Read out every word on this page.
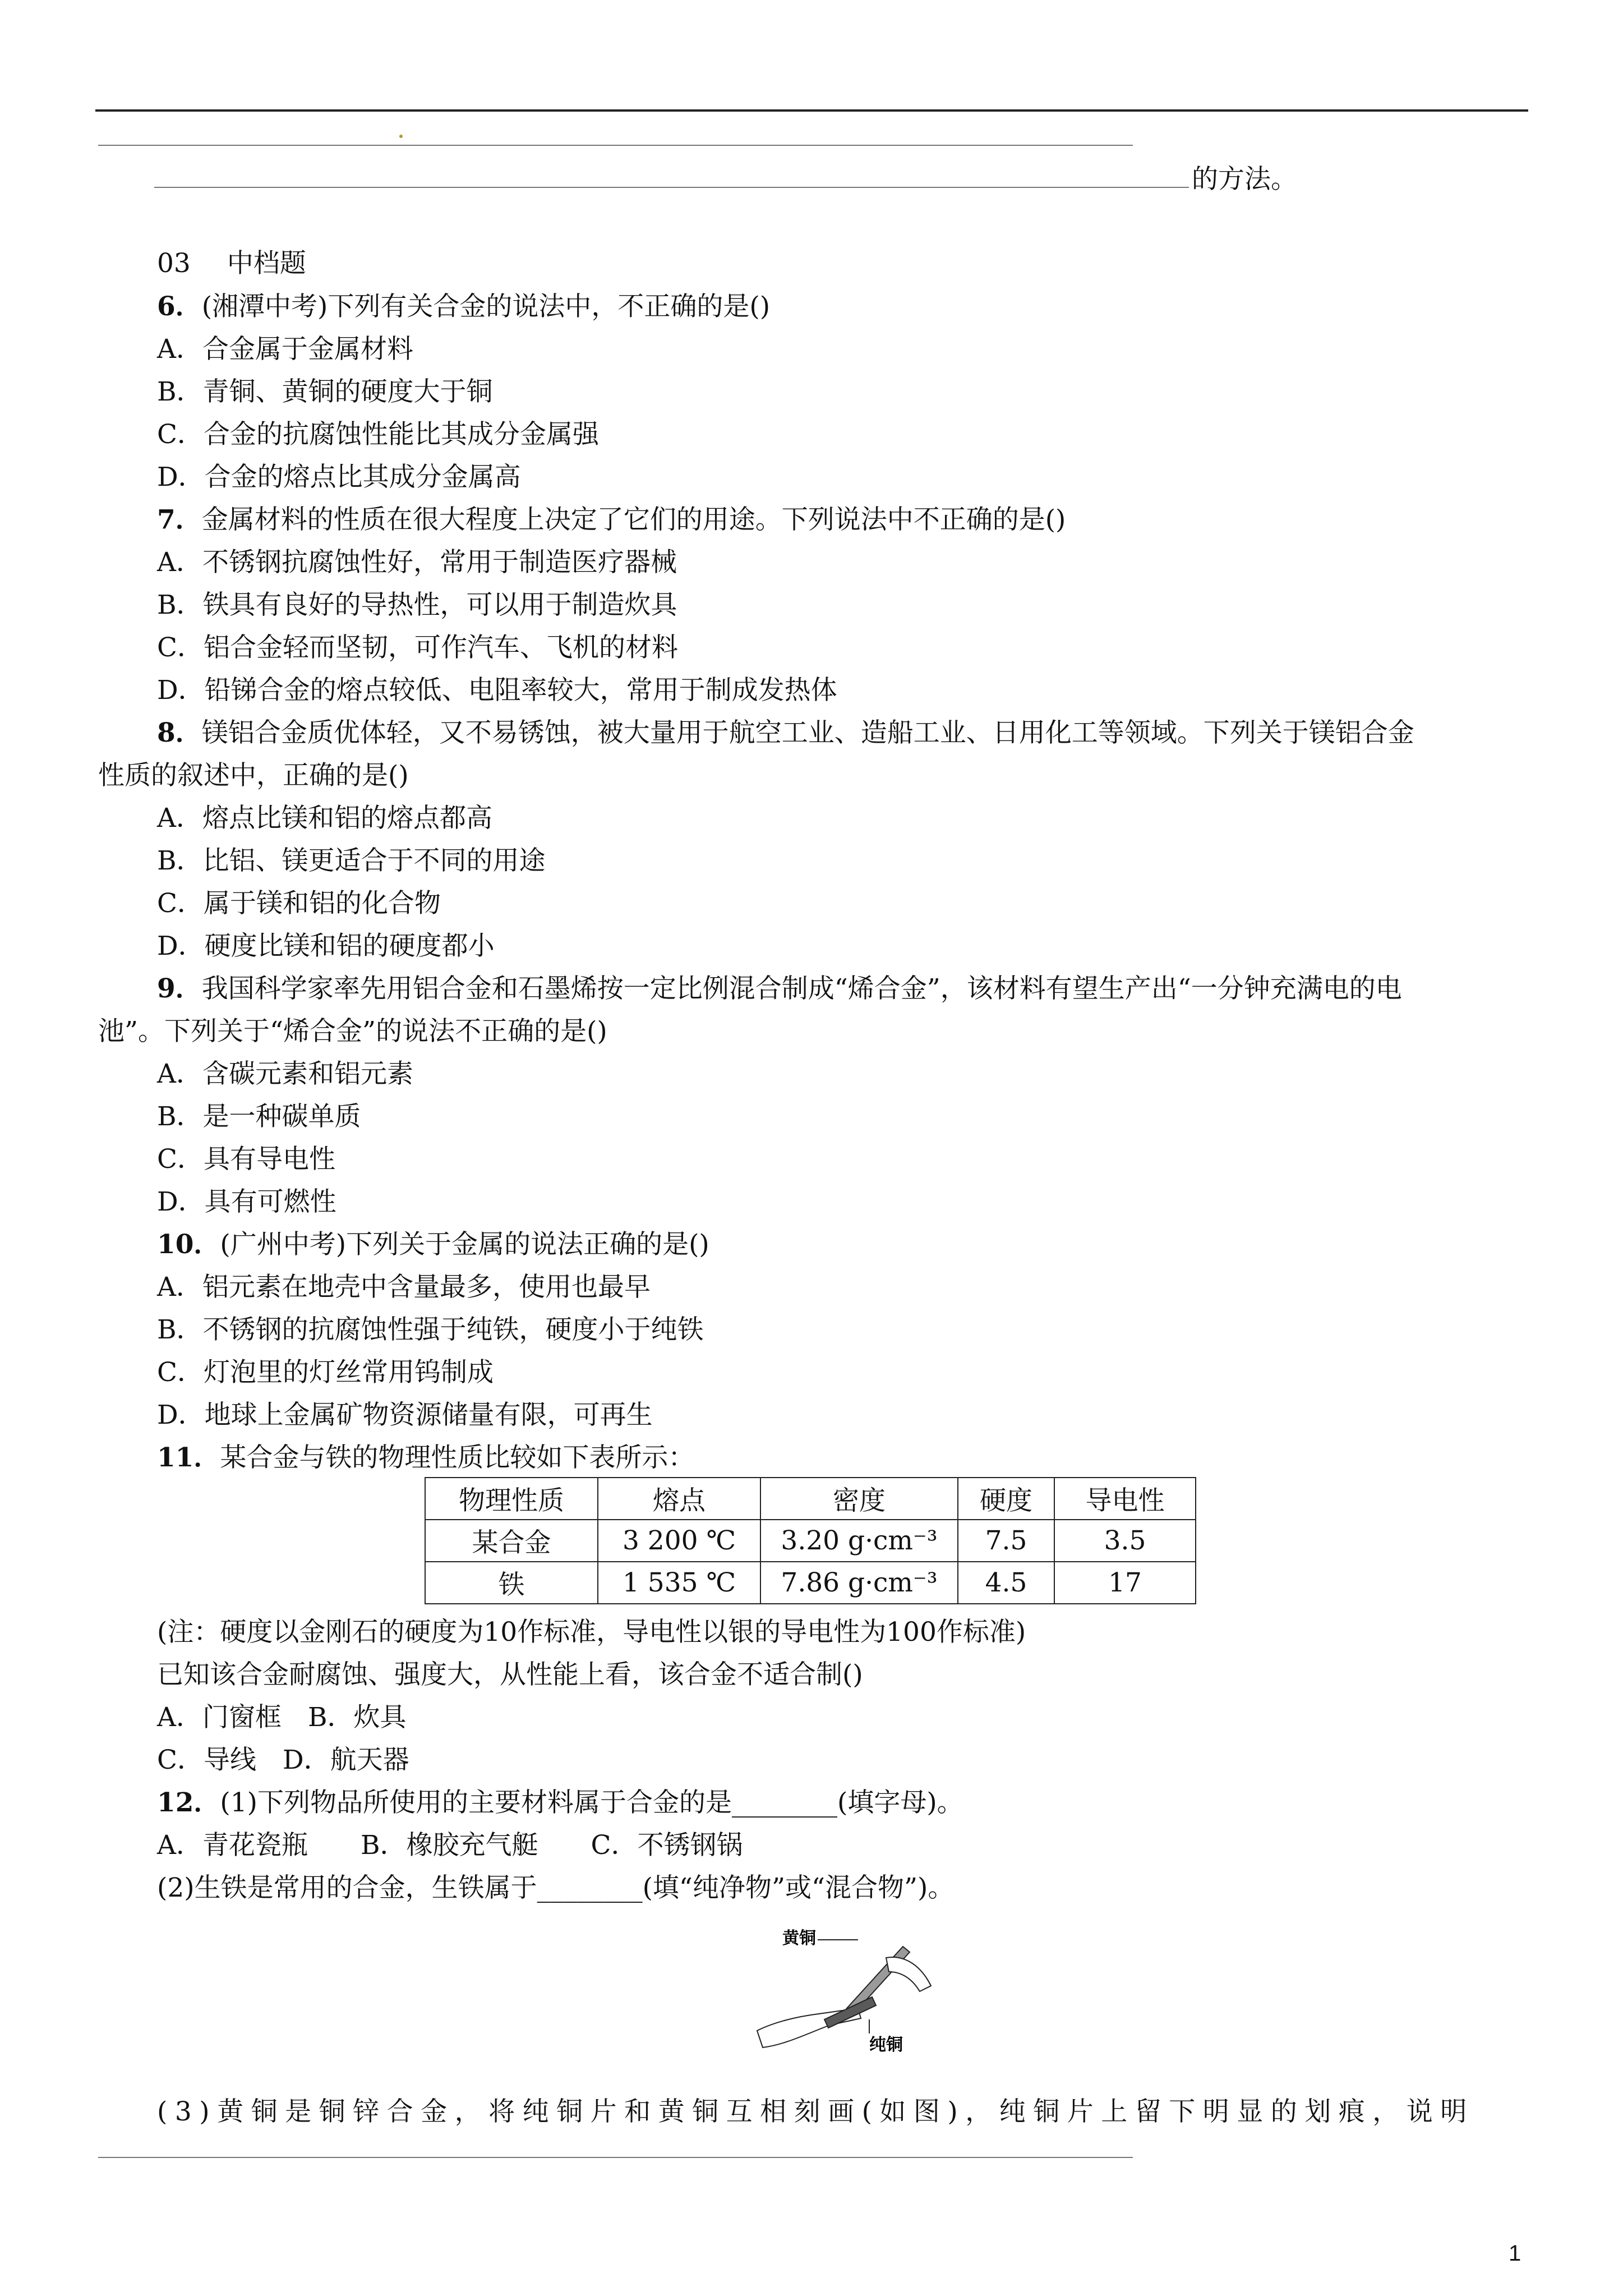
的方法。
03 中档题
6．(湘潭中考)下列有关合金的说法中，不正确的是()
A．合金属于金属材料
B．青铜、黄铜的硬度大于铜
C．合金的抗腐蚀性能比其成分金属强
D．合金的熔点比其成分金属高
7．金属材料的性质在很大程度上决定了它们的用途。下列说法中不正确的是()
A．不锈钢抗腐蚀性好，常用于制造医疗器械
B．铁具有良好的导热性，可以用于制造炊具
C．铝合金轻而坚韧，可作汽车、飞机的材料
D．铅锑合金的熔点较低、电阻率较大，常用于制成发热体
8．镁铝合金质优体轻，又不易锈蚀，被大量用于航空工业、造船工业、日用化工等领域。下列关于镁铝合金
性质的叙述中，正确的是()
A．熔点比镁和铝的熔点都高
B．比铝、镁更适合于不同的用途
C．属于镁和铝的化合物
D．硬度比镁和铝的硬度都小
9．我国科学家率先用铝合金和石墨烯按一定比例混合制成“烯合金”，该材料有望生产出“一分钟充满电的电
池”。下列关于“烯合金”的说法不正确的是()
A．含碳元素和铝元素
B．是一种碳单质
C．具有导电性
D．具有可燃性
10．(广州中考)下列关于金属的说法正确的是()
A．铝元素在地壳中含量最多，使用也最早
B．不锈钢的抗腐蚀性强于纯铁，硬度小于纯铁
C．灯泡里的灯丝常用钨制成
D．地球上金属矿物资源储量有限，可再生
11．某合金与铁的物理性质比较如下表所示：
物理性质	熔点	密度	硬度	导电性
某合金	3 200 ℃	3.20 g·cm⁻³	7.5	3.5
铁	1 535 ℃	7.86 g·cm⁻³	4.5	17
(注：硬度以金刚石的硬度为10作标准，导电性以银的导电性为100作标准)
已知该合金耐腐蚀、强度大，从性能上看，该合金不适合制()
A．门窗框　B．炊具
C．导线　D．航天器
12．(1)下列物品所使用的主要材料属于合金的是________(填字母)。
A．青花瓷瓶　　B．橡胶充气艇　　C．不锈钢锅
(2)生铁是常用的合金，生铁属于________(填“纯净物”或“混合物”)。
黄铜
纯铜
(3)黄铜是铜锌合金，将纯铜片和黄铜互相刻画(如图)，纯铜片上留下明显的划痕，说明
1
